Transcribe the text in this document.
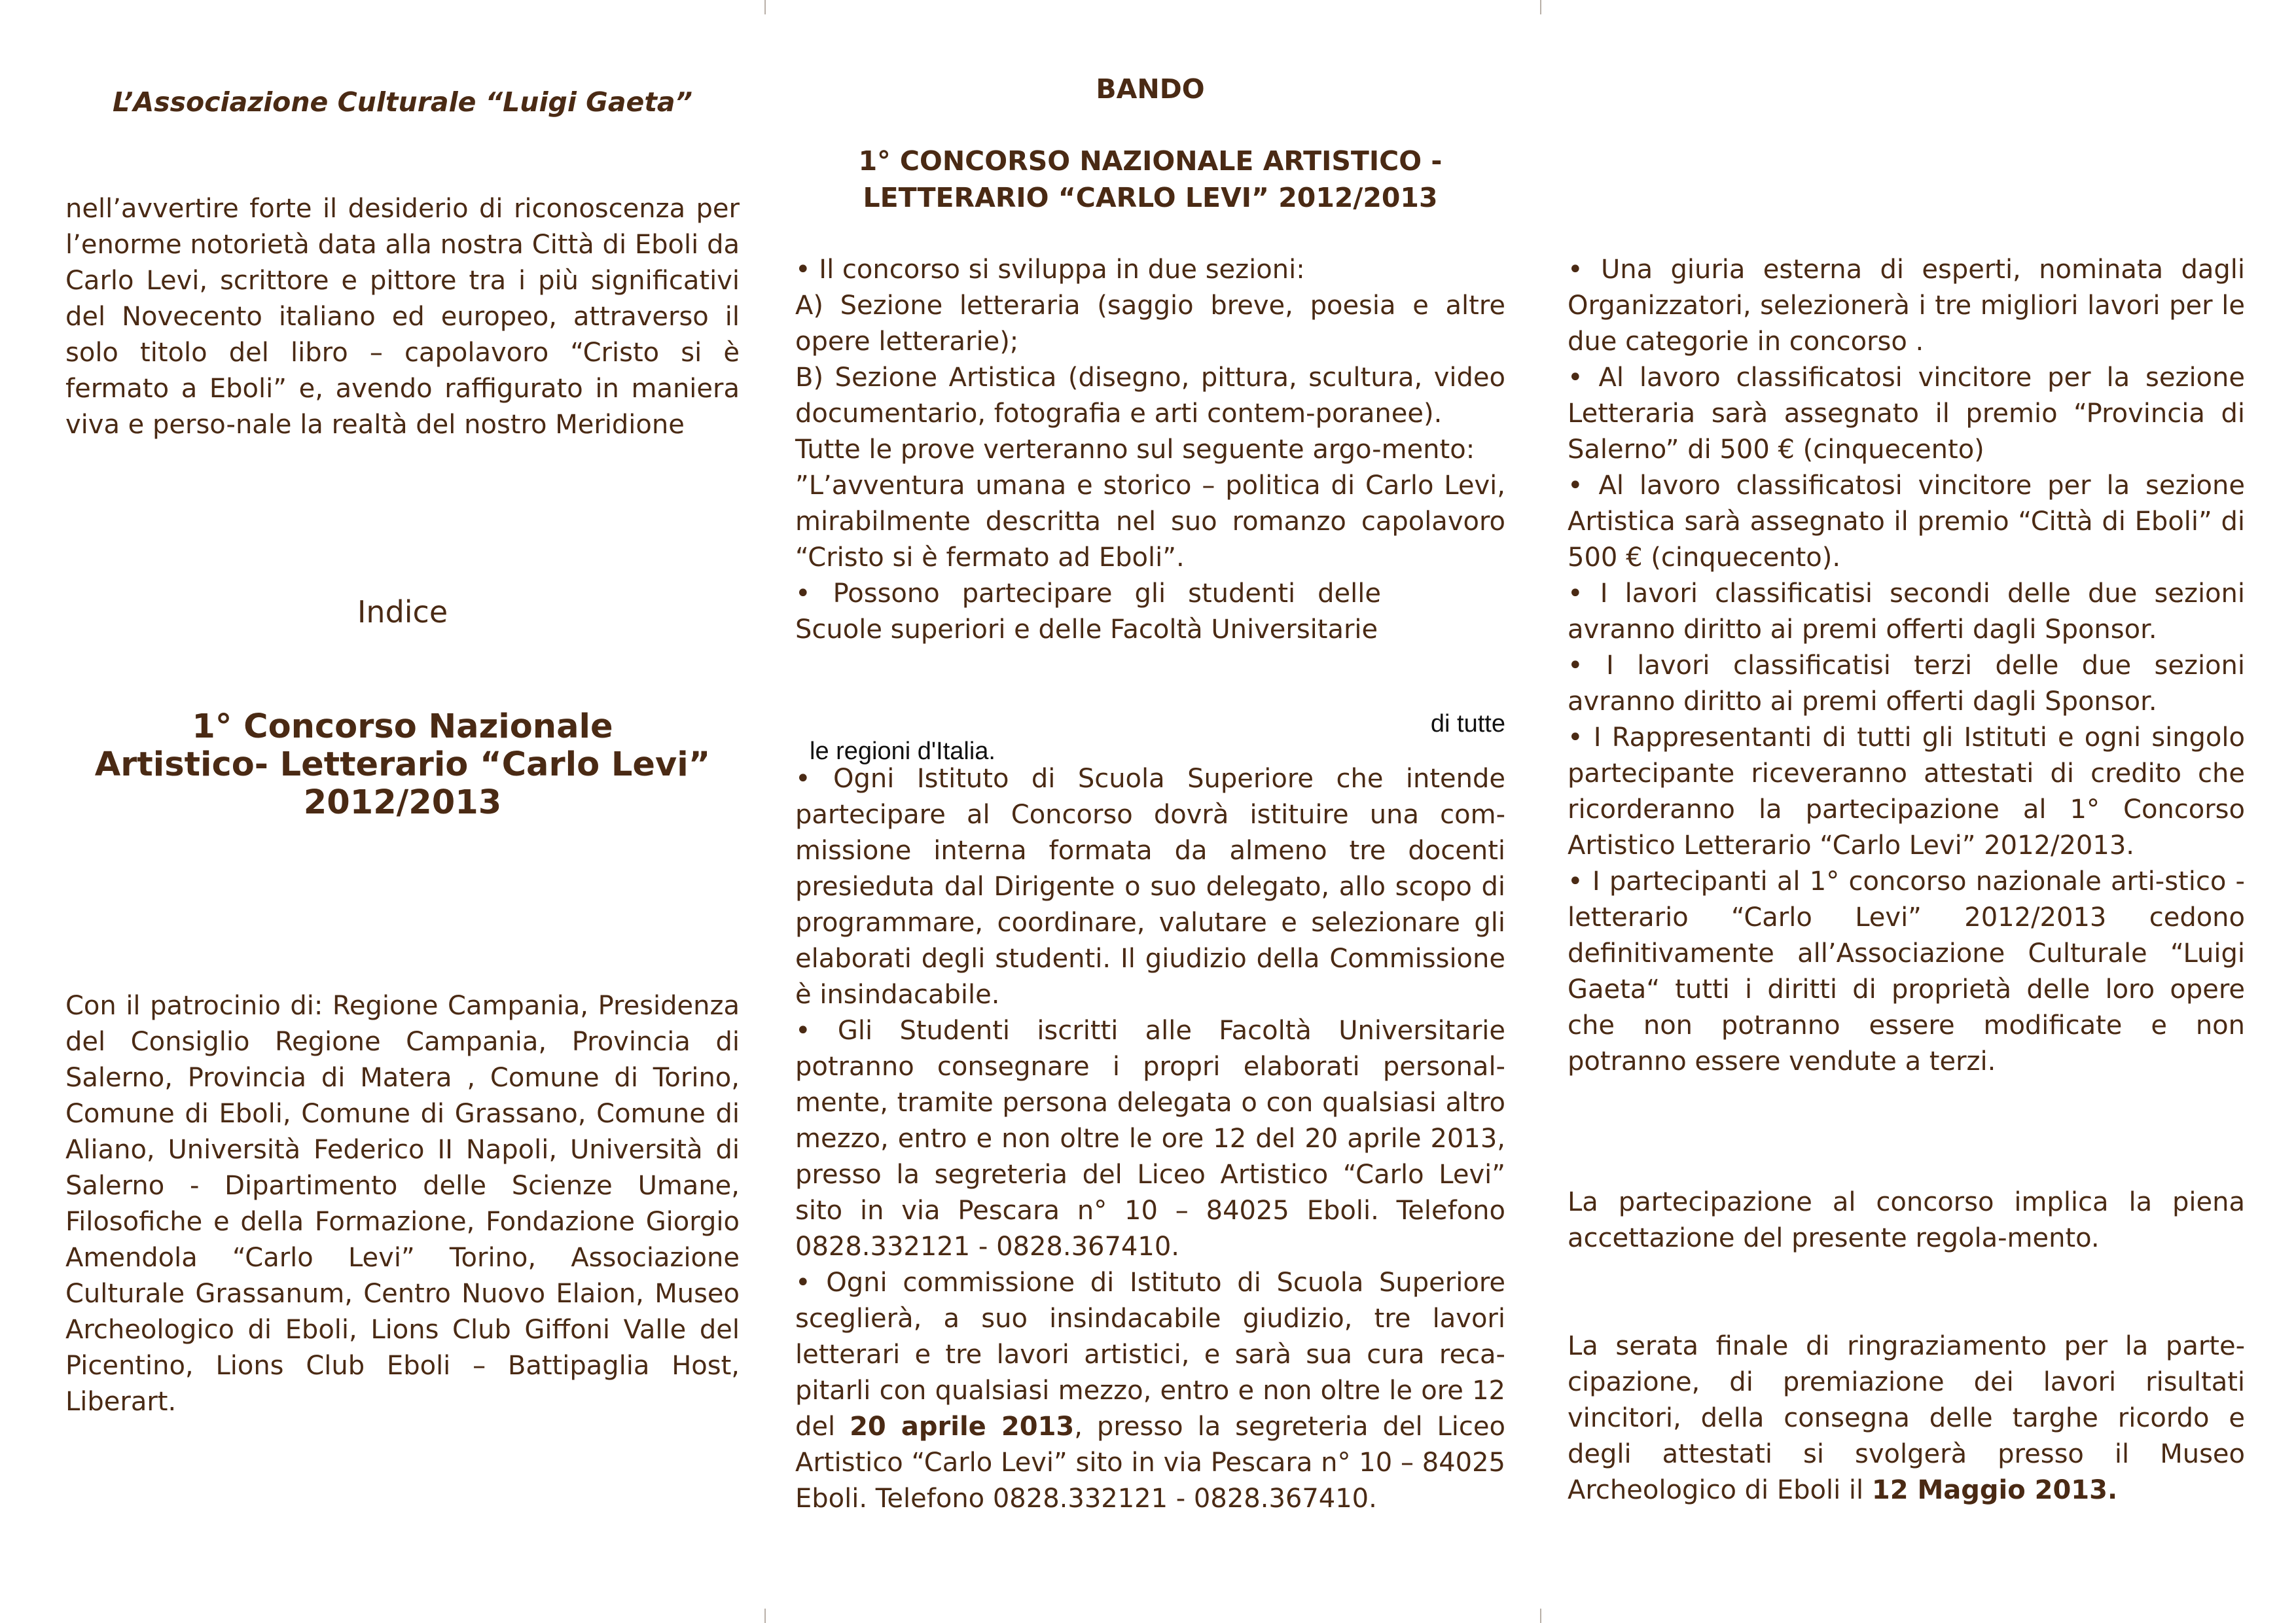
L’Associazione Culturale “Luigi Gaeta”

nell’avvertire forte il desiderio di riconoscenza per l’enorme notorietà data alla nostra Città di Eboli da Carlo Levi, scrittore e pittore tra i più significativi del Novecento italiano ed europeo, attraverso il solo titolo del libro – capolavoro “Cristo si è fermato a Eboli” e, avendo raffigurato in maniera viva e perso-nale la realtà del nostro Meridione

Indice

1° Concorso Nazionale
Artistico- Letterario “Carlo Levi”
2012/2013

Con il patrocinio di: Regione Campania, Presidenza del Consiglio Regione Campania, Provincia di Salerno, Provincia di Matera , Comune di Torino, Comune di Eboli, Comune di Grassano, Comune di Aliano, Università Federico II Napoli, Università di Salerno - Dipartimento delle Scienze Umane, Filosofiche e della Formazione, Fondazione Giorgio Amendola “Carlo Levi” Torino, Associazione Culturale Grassanum, Centro Nuovo Elaion, Museo Archeologico di Eboli, Lions Club Giffoni Valle del Picentino, Lions Club Eboli – Battipaglia Host, Liberart.

BANDO

1° CONCORSO NAZIONALE ARTISTICO -
LETTERARIO “CARLO LEVI” 2012/2013

• Il concorso si sviluppa in due sezioni:

A) Sezione letteraria (saggio breve, poesia e altre opere letterarie);

B) Sezione Artistica (disegno, pittura, scultura, video documentario, fotografia e arti contem-poranee).

Tutte le prove verteranno sul seguente argo-mento:

”L’avventura umana e storico – politica di Carlo Levi, mirabilmente descritta nel suo romanzo capolavoro “Cristo si è fermato ad Eboli”.

• Possono partecipare gli studenti delle Scuole superiori e delle Facoltà Universitarie

di tutte
le regioni d'Italia.

• Ogni Istituto di Scuola Superiore che intende partecipare al Concorso dovrà istituire una com-missione interna formata da almeno tre docenti presieduta dal Dirigente o suo delegato, allo scopo di programmare, coordinare, valutare e selezionare gli elaborati degli studenti. Il giudizio della Commissione è insindacabile.

• Gli Studenti iscritti alle Facoltà Universitarie potranno consegnare i propri elaborati personal-mente, tramite persona delegata o con qualsiasi altro mezzo, entro e non oltre le ore 12 del 20 aprile 2013, presso la segreteria del Liceo Artistico “Carlo Levi” sito in via Pescara n° 10 – 84025 Eboli. Telefono 0828.332121 - 0828.367410.

• Ogni commissione di Istituto di Scuola Superiore sceglierà, a suo insindacabile giudizio, tre lavori letterari e tre lavori artistici, e sarà sua cura reca-pitarli con qualsiasi mezzo, entro e non oltre le ore 12 del 20 aprile 2013, presso la segreteria del Liceo Artistico “Carlo Levi” sito in via Pescara n° 10 – 84025 Eboli. Telefono 0828.332121 - 0828.367410.

• Una giuria esterna di esperti, nominata dagli Organizzatori, selezionerà i tre migliori lavori per le due categorie in concorso .

• Al lavoro classificatosi vincitore per la sezione Letteraria sarà assegnato il premio “Provincia di Salerno” di 500 € (cinquecento)

• Al lavoro classificatosi vincitore per la sezione Artistica sarà assegnato il premio “Città di Eboli” di 500 € (cinquecento).

• I lavori classificatisi secondi delle due sezioni avranno diritto ai premi offerti dagli Sponsor.

• I lavori classificatisi terzi delle due sezioni avranno diritto ai premi offerti dagli Sponsor.

• I Rappresentanti di tutti gli Istituti e ogni singolo partecipante riceveranno attestati di credito che ricorderanno la partecipazione al 1° Concorso Artistico Letterario “Carlo Levi” 2012/2013.

• I partecipanti al 1° concorso nazionale arti-stico - letterario “Carlo Levi” 2012/2013 cedono definitivamente all’Associazione Culturale “Luigi Gaeta“ tutti i diritti di proprietà delle loro opere che non potranno essere modificate e non potranno essere vendute a terzi.

La partecipazione al concorso implica la piena accettazione del presente regola-mento.

La serata finale di ringraziamento per la parte-cipazione, di premiazione dei lavori risultati vincitori, della consegna delle targhe ricordo e degli attestati si svolgerà presso il Museo Archeologico di Eboli il 12 Maggio 2013.
